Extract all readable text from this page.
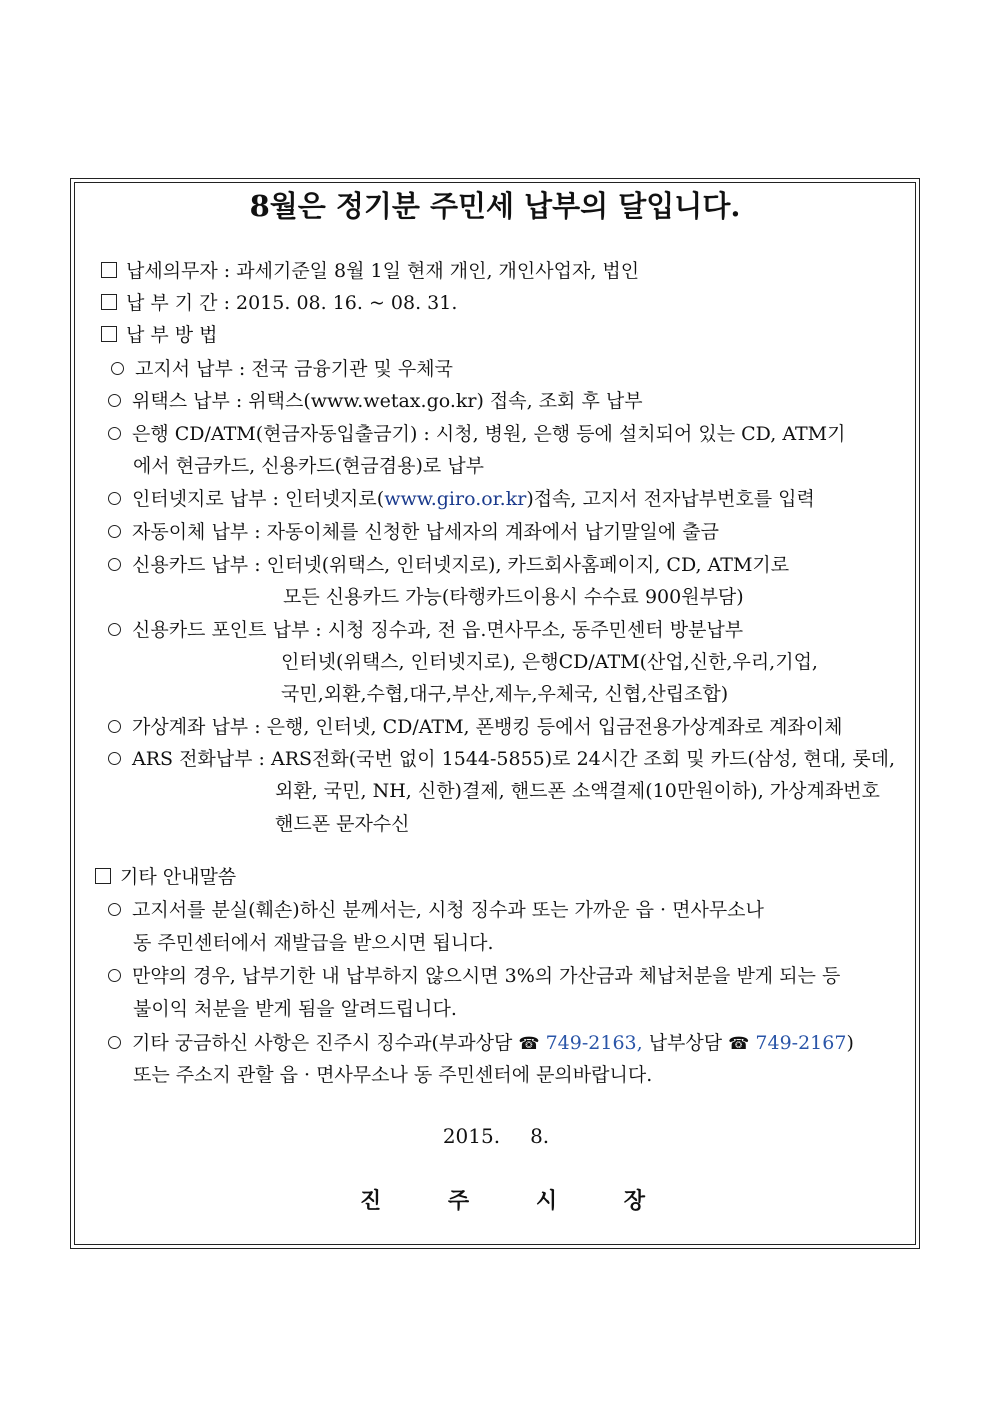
8월은 정기분 주민세 납부의 달입니다.
납세의무자 : 과세기준일 8월 1일 현재 개인, 개인사업자, 법인
납 부 기 간 : 2015. 08. 16. ~ 08. 31.
납 부 방 법
고지서 납부 : 전국 금융기관 및 우체국
위택스 납부 : 위택스(www.wetax.go.kr) 접속, 조회 후 납부
은행 CD/ATM(현금자동입출금기) : 시청, 병원, 은행 등에 설치되어 있는 CD, ATM기
에서 현금카드, 신용카드(현금겸용)로 납부
인터넷지로 납부 : 인터넷지로(www.giro.or.kr)접속, 고지서 전자납부번호를 입력
자동이체 납부 : 자동이체를 신청한 납세자의 계좌에서 납기말일에 출금
신용카드 납부 : 인터넷(위택스, 인터넷지로), 카드회사홈페이지, CD, ATM기로
모든 신용카드 가능(타행카드이용시 수수료 900원부담)
신용카드 포인트 납부 : 시청 징수과, 전 읍.면사무소, 동주민센터 방분납부
인터넷(위택스, 인터넷지로), 은행CD/ATM(산업,신한,우리,기업,
국민,외환,수협,대구,부산,제누,우체국, 신협,산립조합)
가상계좌 납부 : 은행, 인터넷, CD/ATM, 폰뱅킹 등에서 입금전용가상계좌로 계좌이체
ARS 전화납부 : ARS전화(국번 없이 1544-5855)로 24시간 조회 및 카드(삼성, 현대, 롯데,
외환, 국민, NH, 신한)결제, 핸드폰 소액결제(10만원이하), 가상계좌번호
핸드폰 문자수신
기타 안내말씀
고지서를 분실(훼손)하신 분께서는, 시청 징수과 또는 가까운 읍 · 면사무소나
동 주민센터에서 재발급을 받으시면 됩니다.
만약의 경우, 납부기한 내 납부하지 않으시면 3%의 가산금과 체납처분을 받게 되는 등
불이익 처분을 받게 됨을 알려드립니다.
기타 궁금하신 사항은 진주시 징수과(부과상담 ☎ 749-2163, 납부상담 ☎ 749-2167)
또는 주소지 관할 읍 · 면사무소나 동 주민센터에 문의바랍니다.
2015. 8.
진	주	시	장
